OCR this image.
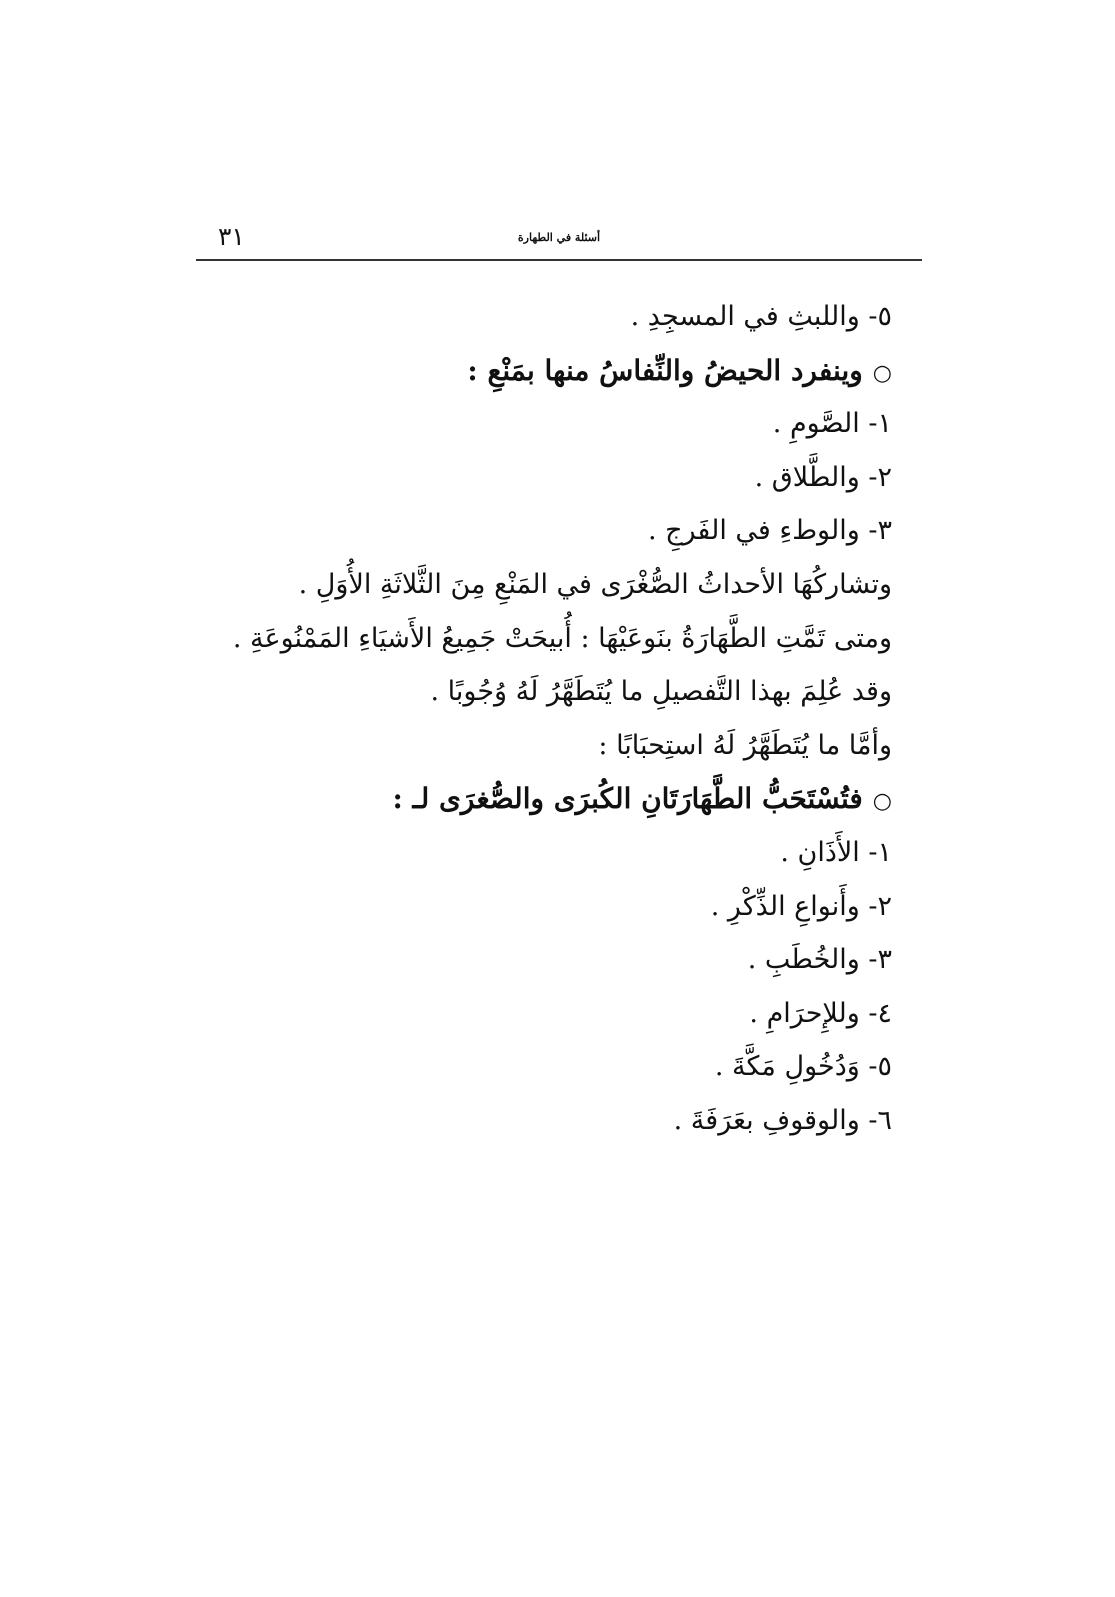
٣١	أسئلة في الطهارة
٥- واللبثِ في المسجِدِ .
○وينفرد الحيضُ والنِّفاسُ منها بمَنْعِ :
١- الصَّومِ .
٢- والطَّلاق .
٣- والوطءِ في الفَرجِ .
وتشاركُهَا الأحداثُ الصُّغْرَى في المَنْعِ مِنَ الثَّلاثَةِ الأُوَلِ .
ومتى تَمَّتِ الطَّهَارَةُ بنَوعَيْهَا : أُبيحَتْ جَمِيعُ الأَشيَاءِ المَمْنُوعَةِ .
وقد عُلِمَ بهذا التَّفصيلِ ما يُتَطَهَّرُ لَهُ وُجُوبًا .
وأمَّا ما يُتَطَهَّرُ لَهُ استِحبَابًا :
○فتُسْتَحَبُّ الطَّهَارَتَانِ الكُبرَى والصُّغرَى لـ :
١- الأَذَانِ .
٢- وأَنواعِ الذِّكْرِ .
٣- والخُطَبِ .
٤- وللإِحرَامِ .
٥- وَدُخُولِ مَكَّةَ .
٦- والوقوفِ بعَرَفَةَ .
